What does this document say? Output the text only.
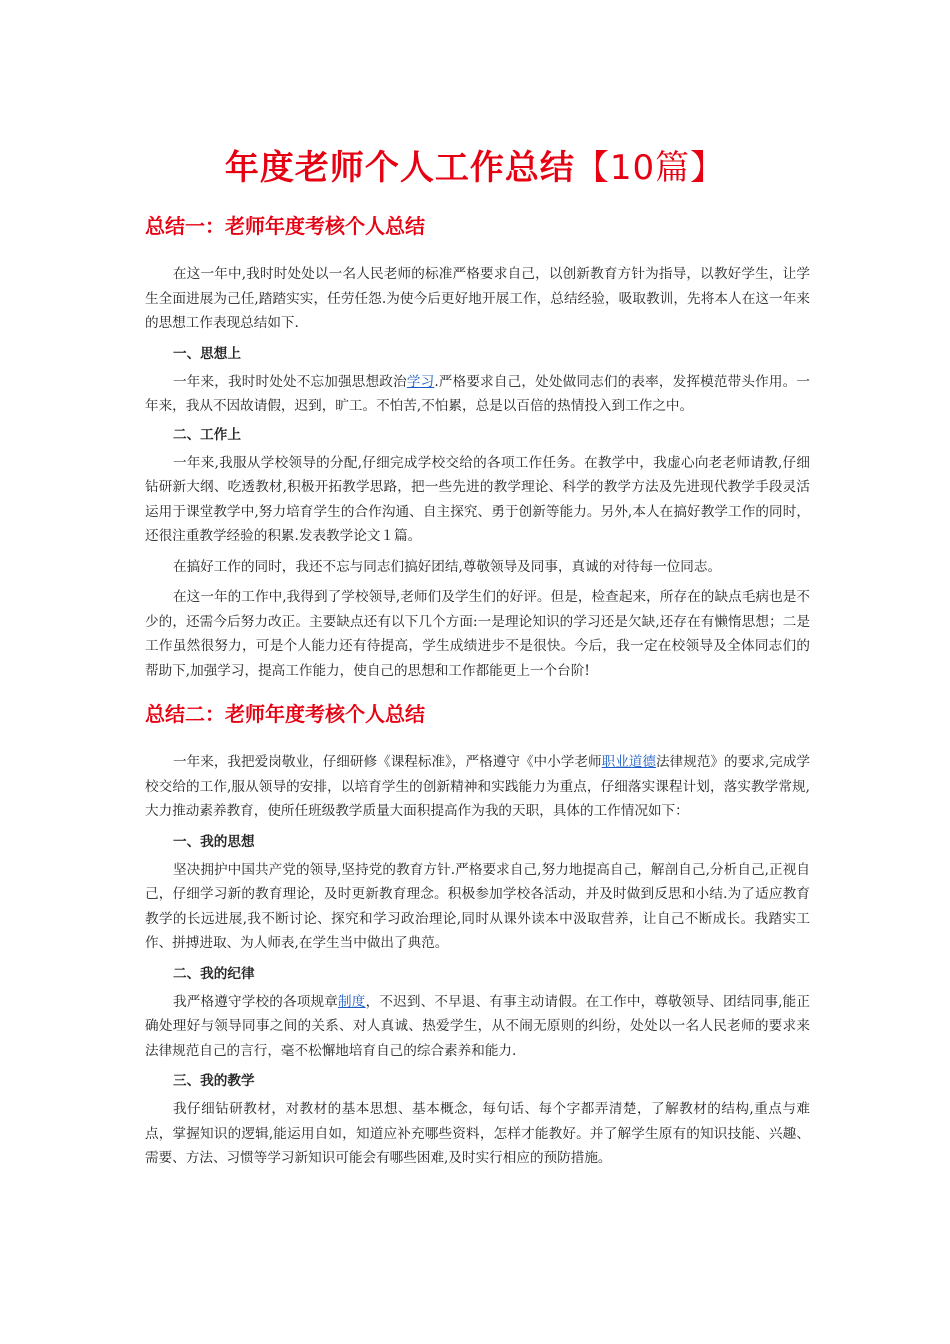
年度老师个人工作总结【10篇】
总结一：老师年度考核个人总结

在这一年中,我时时处处以一名人民老师的标准严格要求自己，以创新教育方针为指导，以教好学生，让学生全面进展为己任,踏踏实实，任劳任怨.为使今后更好地开展工作，总结经验，吸取教训，先将本人在这一年来的思想工作表现总结如下.

一、思想上

一年来，我时时处处不忘加强思想政治学习.严格要求自己，处处做同志们的表率，发挥模范带头作用。一年来，我从不因故请假，迟到，旷工。不怕苦,不怕累，总是以百倍的热情投入到工作之中。

二、工作上

一年来,我服从学校领导的分配,仔细完成学校交给的各项工作任务。在教学中，我虚心向老老师请教,仔细钻研新大纲、吃透教材,积极开拓教学思路，把一些先进的教学理论、科学的教学方法及先进现代教学手段灵活运用于课堂教学中,努力培育学生的合作沟通、自主探究、勇于创新等能力。另外,本人在搞好教学工作的同时，还很注重教学经验的积累.发表教学论文１篇。

在搞好工作的同时，我还不忘与同志们搞好团结,尊敬领导及同事，真诚的对待每一位同志。

在这一年的工作中,我得到了学校领导,老师们及学生们的好评。但是，检查起来，所存在的缺点毛病也是不少的，还需今后努力改正。主要缺点还有以下几个方面:一是理论知识的学习还是欠缺,还存在有懒惰思想；二是工作虽然很努力，可是个人能力还有待提高，学生成绩进步不是很快。今后，我一定在校领导及全体同志们的帮助下,加强学习，提高工作能力，使自己的思想和工作都能更上一个台阶!

总结二：老师年度考核个人总结

一年来，我把爱岗敬业，仔细研修《课程标准》，严格遵守《中小学老师职业道德法律规范》的要求,完成学校交给的工作,服从领导的安排，以培育学生的创新精神和实践能力为重点，仔细落实课程计划，落实教学常规,大力推动素养教育，使所任班级教学质量大面积提高作为我的天职，具体的工作情况如下：

一、我的思想

坚决拥护中国共产党的领导,坚持党的教育方针.严格要求自己,努力地提高自己，解剖自己,分析自己,正视自己，仔细学习新的教育理论，及时更新教育理念。积极参加学校各活动，并及时做到反思和小结.为了适应教育教学的长远进展,我不断讨论、探究和学习政治理论,同时从课外读本中汲取营养，让自己不断成长。我踏实工作、拼搏进取、为人师表,在学生当中做出了典范。

二、我的纪律

我严格遵守学校的各项规章制度，不迟到、不早退、有事主动请假。在工作中，尊敬领导、团结同事,能正确处理好与领导同事之间的关系、对人真诚、热爱学生，从不闹无原则的纠纷，处处以一名人民老师的要求来法律规范自己的言行，毫不松懈地培育自己的综合素养和能力.

三、我的教学

我仔细钻研教材，对教材的基本思想、基本概念，每句话、每个字都弄清楚，了解教材的结构,重点与难点，掌握知识的逻辑,能运用自如，知道应补充哪些资料，怎样才能教好。并了解学生原有的知识技能、兴趣、需要、方法、习惯等学习新知识可能会有哪些困难,及时实行相应的预防措施。
